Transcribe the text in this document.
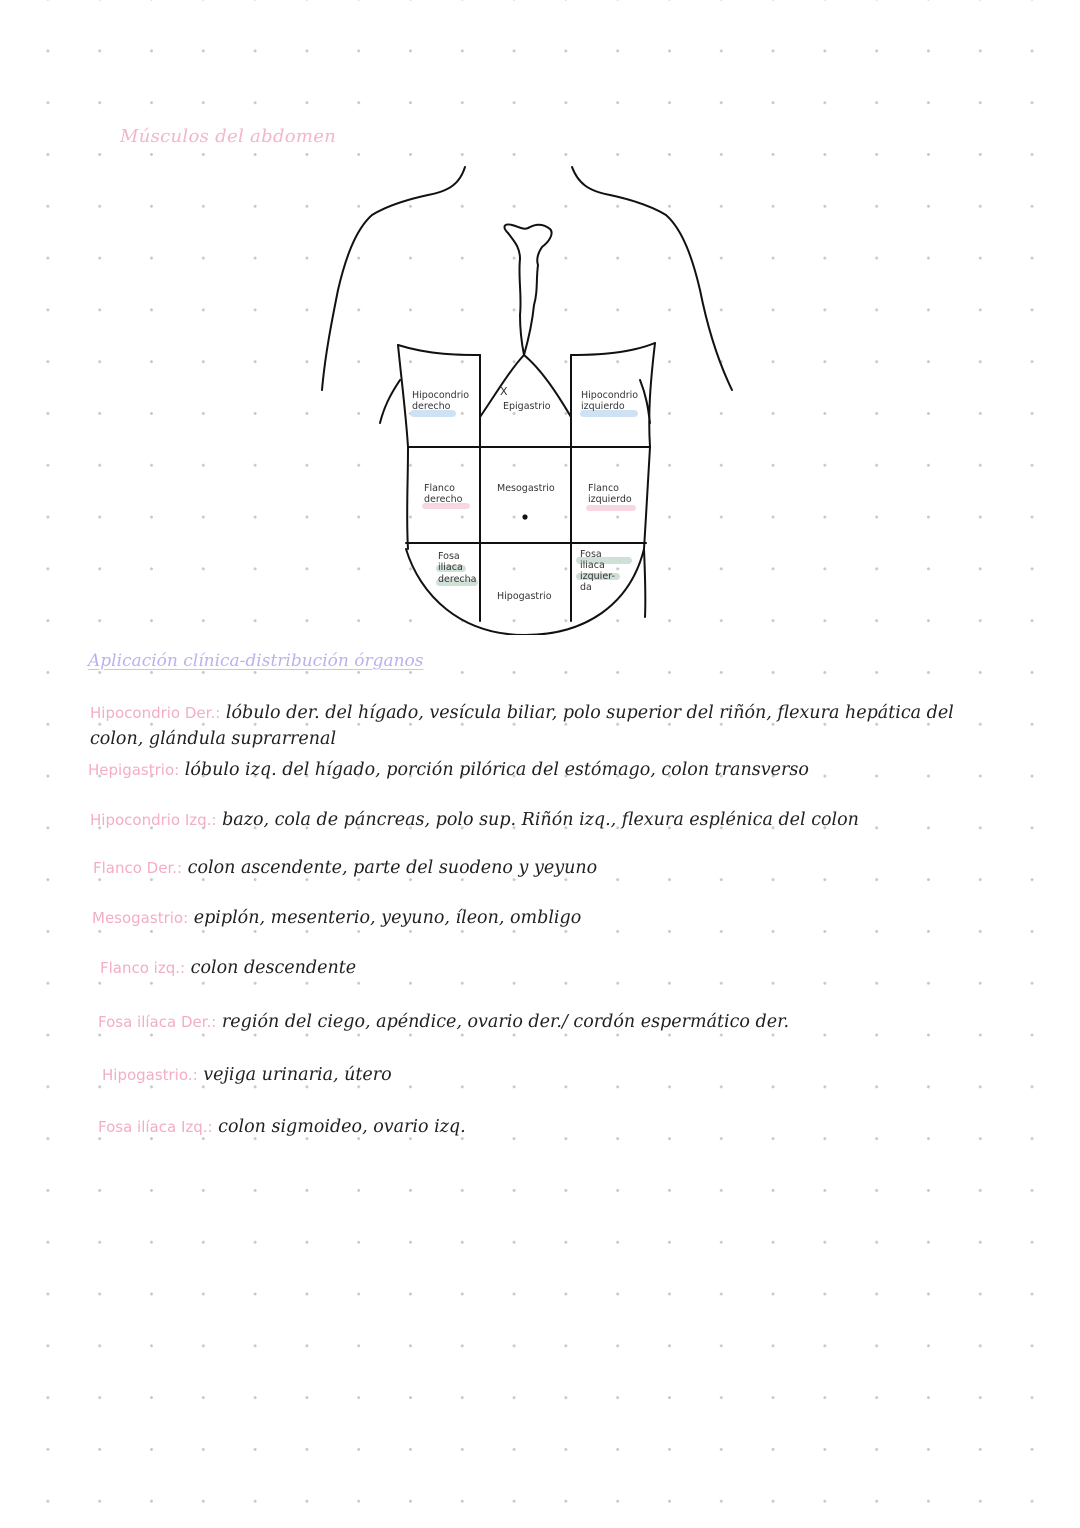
Músculos del abdomen
Hipocondrio
derecho
X
Epigastrio
Hipocondrio
izquierdo
Flanco
derecho
Mesogastrio	Flanco
izquierdo
Fosa
iliaca
derecha
Hipogastrio
Fosa
iliaca
izquier-
da
Aplicación clínica-distribución órganos
Hipocondrio Der.: lóbulo der. del hígado, vesícula biliar, polo superior del riñón, flexura hepática del
colon, glándula suprarrenal
Hepigastrio: lóbulo izq. del hígado, porción pilórica del estómago, colon transverso
Hipocondrio Izq.: bazo, cola de páncreas, polo sup. Riñón izq., flexura esplénica del colon
Flanco Der.: colon ascendente, parte del suodeno y yeyuno
Mesogastrio: epiplón, mesenterio, yeyuno, íleon, ombligo
Flanco izq.: colon descendente
Fosa ilíaca Der.: región del ciego, apéndice, ovario der./ cordón espermático der.
Hipogastrio.: vejiga urinaria, útero
Fosa ilíaca Izq.: colon sigmoideo, ovario izq.
